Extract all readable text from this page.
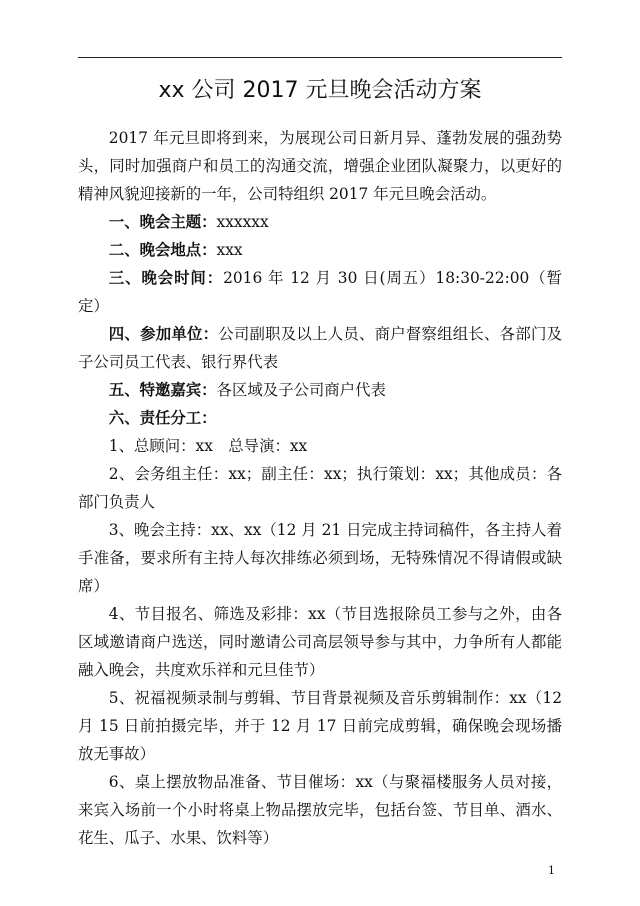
xx 公司 2017 元旦晚会活动方案

2017 年元旦即将到来，为展现公司日新月异、蓬勃发展的强劲势头，同时加强商户和员工的沟通交流，增强企业团队凝聚力，以更好的精神风貌迎接新的一年，公司特组织 2017 年元旦晚会活动。

一、晚会主题：xxxxxx

二、晚会地点：xxx

三、晚会时间：2016 年 12 月 30 日(周五）18:30-22:00（暂定）

四、参加单位：公司副职及以上人员、商户督察组组长、各部门及子公司员工代表、银行界代表

五、特邀嘉宾：各区域及子公司商户代表

六、责任分工：

1、总顾问：xx　总导演：xx

2、会务组主任：xx；副主任：xx；执行策划：xx；其他成员：各部门负责人

3、晚会主持：xx、xx（12 月 21 日完成主持词稿件，各主持人着手准备，要求所有主持人每次排练必须到场，无特殊情况不得请假或缺席）

4、节目报名、筛选及彩排：xx（节目选报除员工参与之外，由各区域邀请商户选送，同时邀请公司高层领导参与其中，力争所有人都能融入晚会，共度欢乐祥和元旦佳节）

5、祝福视频录制与剪辑、节目背景视频及音乐剪辑制作：xx（12 月 15 日前拍摄完毕，并于 12 月 17 日前完成剪辑，确保晚会现场播放无事故）

6、桌上摆放物品准备、节目催场：xx（与聚福楼服务人员对接，来宾入场前一个小时将桌上物品摆放完毕，包括台签、节目单、酒水、花生、瓜子、水果、饮料等）

1
